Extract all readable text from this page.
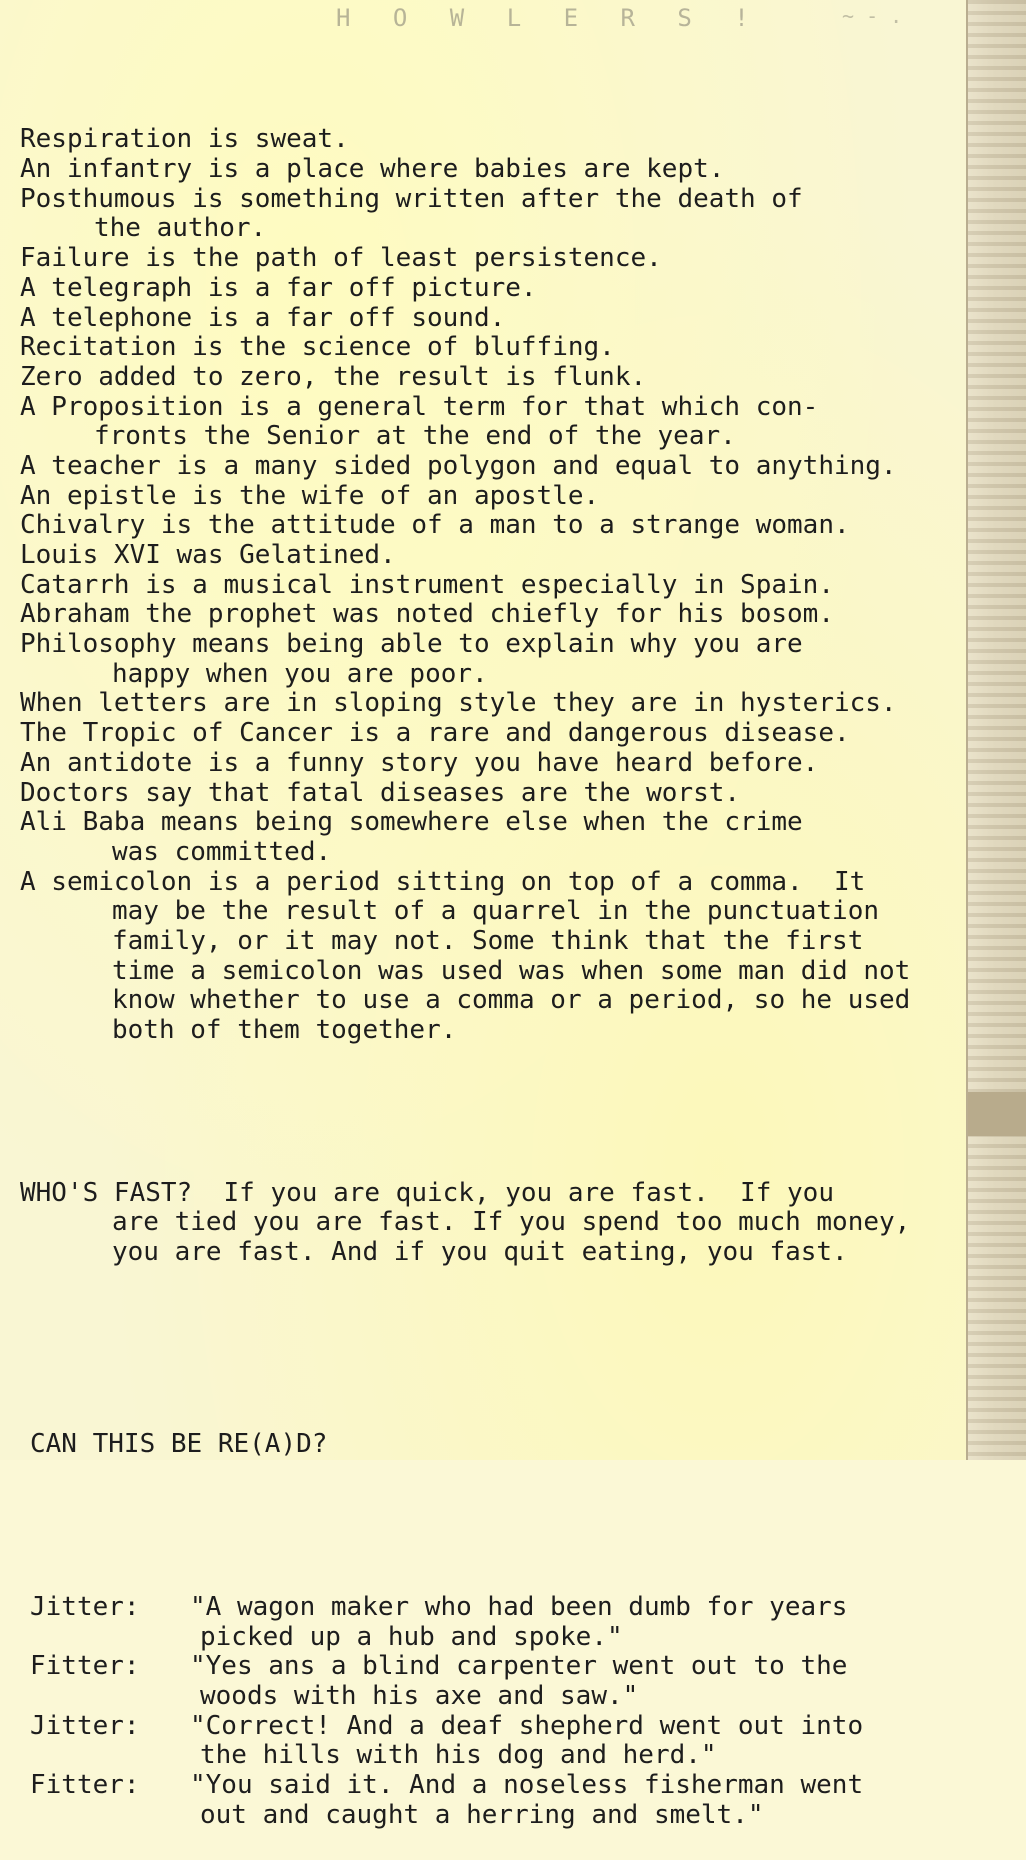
H O W L E R S !	~ - .

Respiration is sweat.
An infantry is a place where babies are kept.
Posthumous is something written after the death of
the author.
Failure is the path of least persistence.
A telegraph is a far off picture.
A telephone is a far off sound.
Recitation is the science of bluffing.
Zero added to zero, the result is flunk.
A Proposition is a general term for that which con-
fronts the Senior at the end of the year.
A teacher is a many sided polygon and equal to anything.
An epistle is the wife of an apostle.
Chivalry is the attitude of a man to a strange woman.
Louis XVI was Gelatined.
Catarrh is a musical instrument especially in Spain.
Abraham the prophet was noted chiefly for his bosom.
Philosophy means being able to explain why you are
happy when you are poor.
When letters are in sloping style they are in hysterics.
The Tropic of Cancer is a rare and dangerous disease.
An antidote is a funny story you have heard before.
Doctors say that fatal diseases are the worst.
Ali Baba means being somewhere else when the crime
was committed.
A semicolon is a period sitting on top of a comma.  It
may be the result of a quarrel in the punctuation
family, or it may not. Some think that the first
time a semicolon was used was when some man did not
know whether to use a comma or a period, so he used
both of them together.

WHO'S FAST?  If you are quick, you are fast.  If you
are tied you are fast. If you spend too much money,
you are fast. And if you quit eating, you fast.

CAN THIS BE RE(A)D?

Jitter: "A wagon maker who had been dumb for years
picked up a hub and spoke."
Fitter: "Yes ans a blind carpenter went out to the
woods with his axe and saw."
Jitter: "Correct! And a deaf shepherd went out into
the hills with his dog and herd."
Fitter: "You said it. And a noseless fisherman went
out and caught a herring and smelt."
